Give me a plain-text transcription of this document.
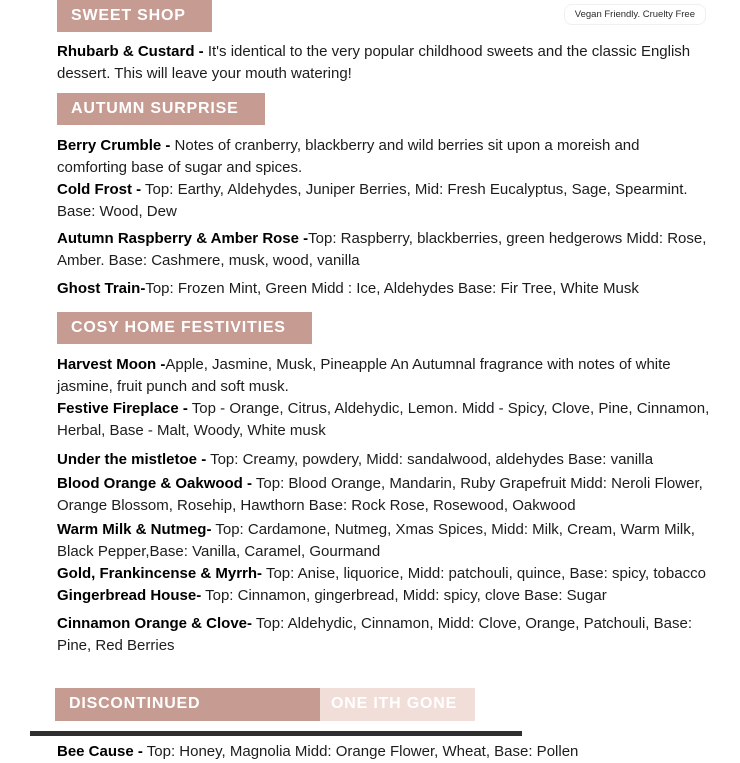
Vegan Friendly. Cruelty Free
SWEET SHOP

Rhubarb & Custard - It's identical to the very popular childhood sweets and the classic English dessert. This will leave your mouth watering!

AUTUMN SURPRISE

Berry Crumble - Notes of cranberry, blackberry and wild berries sit upon a moreish and comforting base of sugar and spices.

Cold Frost - Top: Earthy, Aldehydes, Juniper Berries, Mid: Fresh Eucalyptus, Sage, Spearmint. Base: Wood, Dew

Autumn Raspberry & Amber Rose -Top: Raspberry, blackberries, green hedgerows Midd: Rose, Amber. Base: Cashmere, musk, wood, vanilla

Ghost Train-Top: Frozen Mint, Green Midd : Ice, Aldehydes Base: Fir Tree, White Musk

COSY HOME FESTIVITIES

Harvest Moon -Apple, Jasmine, Musk, Pineapple An Autumnal fragrance with notes of white jasmine, fruit punch and soft musk.

Festive Fireplace - Top - Orange, Citrus, Aldehydic, Lemon. Midd - Spicy, Clove, Pine, Cinnamon, Herbal, Base - Malt, Woody, White musk

Under the mistletoe - Top: Creamy, powdery, Midd: sandalwood, aldehydes Base: vanilla

Blood Orange & Oakwood - Top: Blood Orange, Mandarin, Ruby Grapefruit Midd: Neroli Flower, Orange Blossom, Rosehip, Hawthorn Base: Rock Rose, Rosewood, Oakwood

Warm Milk & Nutmeg- Top: Cardamone, Nutmeg, Xmas Spices, Midd: Milk, Cream, Warm Milk, Black Pepper,Base: Vanilla, Caramel, Gourmand

Gold, Frankincense & Myrrh- Top: Anise, liquorice, Midd: patchouli, quince, Base: spicy, tobacco

Gingerbread House- Top: Cinnamon, gingerbread, Midd: spicy, clove Base: Sugar

Cinnamon Orange & Clove- Top: Aldehydic, Cinnamon, Midd: Clove, Orange, Patchouli, Base: Pine, Red Berries

ONE ITH GONE
DISCONTINUED

Bee Cause - Top: Honey, Magnolia Midd: Orange Flower, Wheat, Base: Pollen
